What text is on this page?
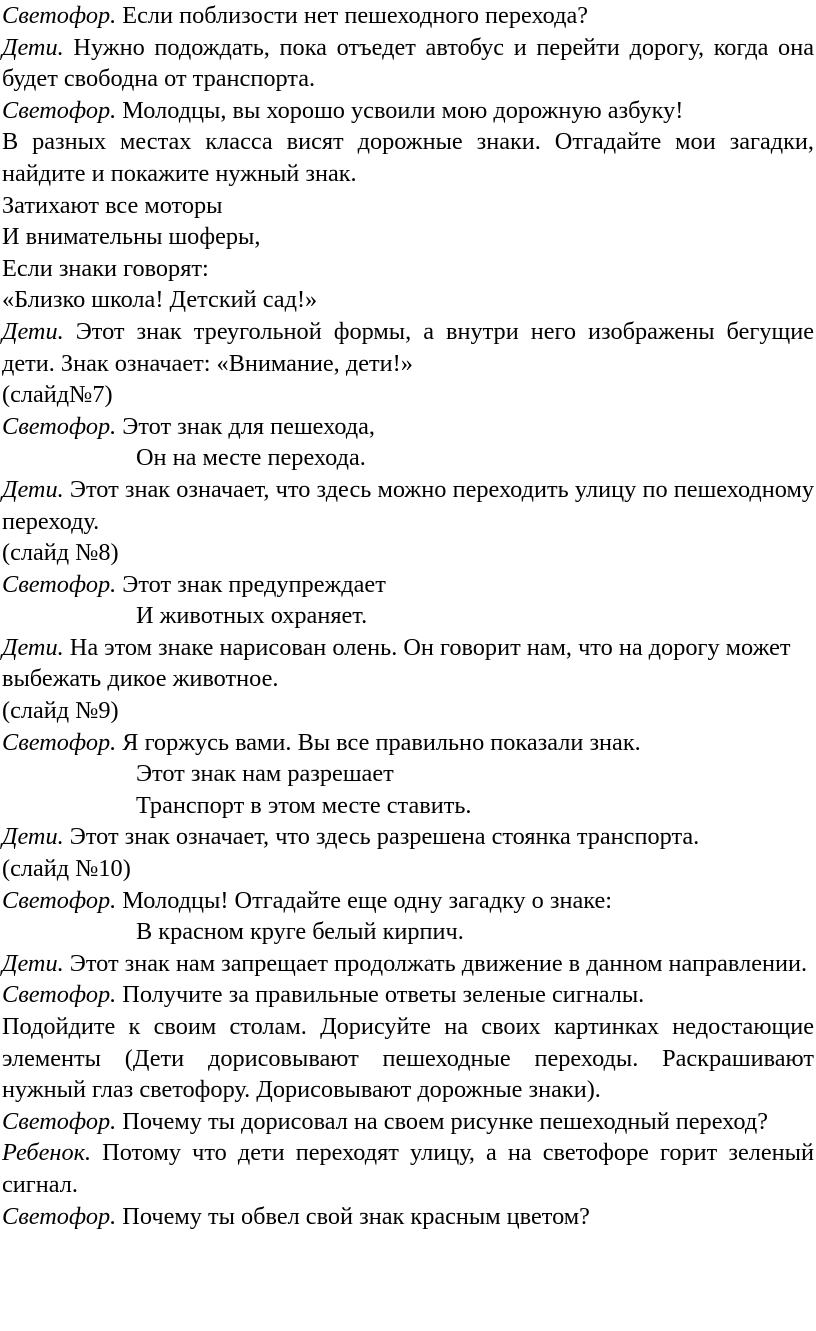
Светофор. Если поблизости нет пешеходного перехода?

Дети. Нужно подождать, пока отъедет автобус и перейти дорогу, когда она будет свободна от транспорта.

Светофор. Молодцы, вы хорошо усвоили мою дорожную азбуку!

В разных местах класса висят дорожные знаки. Отгадайте мои загадки, найдите и покажите нужный знак.

Затихают все моторы

И внимательны шоферы,

Если знаки говорят:

«Близко школа! Детский сад!»

Дети. Этот знак треугольной формы, а внутри него изображены бегущие дети. Знак означает: «Внимание, дети!»

(слайд№7)

Светофор. Этот знак для пешехода,

Он на месте перехода.

Дети. Этот знак означает, что здесь можно переходить улицу по пешеходному переходу.

(слайд №8)

Светофор. Этот знак предупреждает

И животных охраняет.

Дети. На этом знаке нарисован олень. Он говорит нам, что на дорогу может выбежать дикое животное.

(слайд №9)

Светофор. Я горжусь вами. Вы все правильно показали знак.

Этот знак нам разрешает

Транспорт в этом месте ставить.

Дети. Этот знак означает, что здесь разрешена стоянка транспорта.

(слайд №10)

Светофор. Молодцы! Отгадайте еще одну загадку о знаке:

В красном круге белый кирпич.

Дети. Этот знак нам запрещает продолжать движение в данном направлении.

Светофор. Получите за правильные ответы зеленые сигналы.

Подойдите к своим столам. Дорисуйте на своих картинках недостающие элементы (Дети дорисовывают пешеходные переходы. Раскрашивают нужный глаз светофору. Дорисовывают дорожные знаки).

Светофор. Почему ты дорисовал на своем рисунке пешеходный переход?

Ребенок. Потому что дети переходят улицу, а на светофоре горит зеленый сигнал.

Светофор. Почему ты обвел свой знак красным цветом?
